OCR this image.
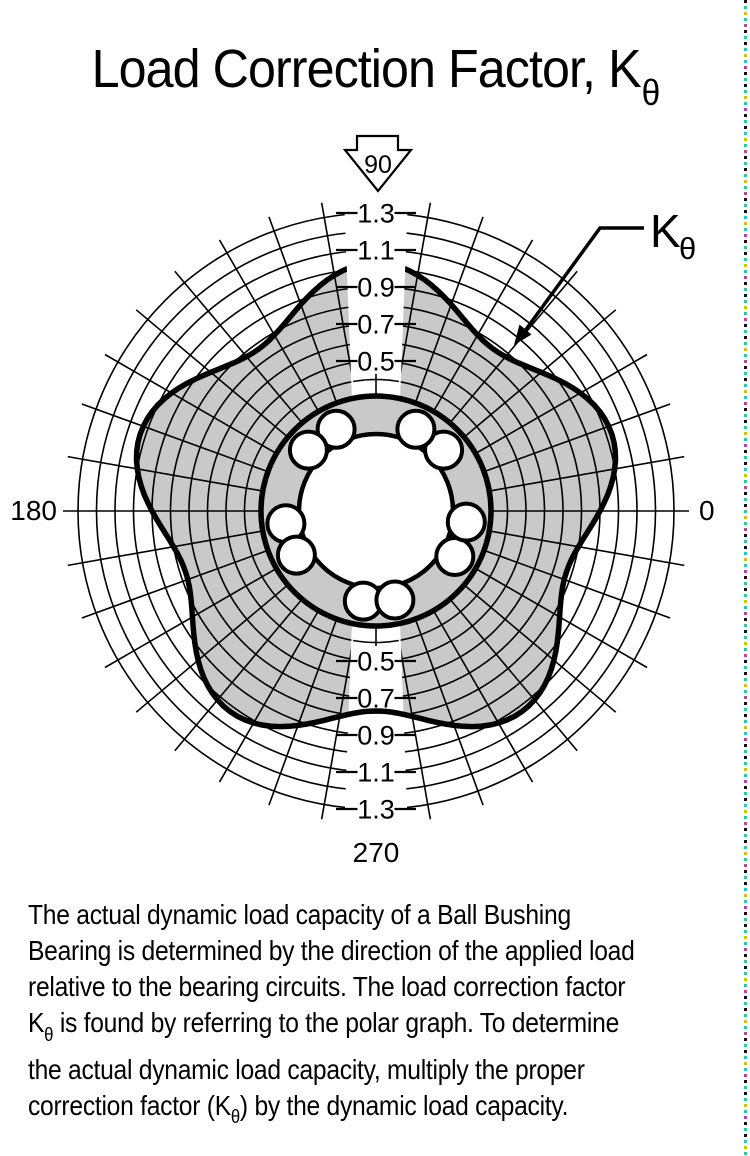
Load Correction Factor, $K_\theta$
0.5
0.5
0.7
0.7
0.9
0.9
1.1
1.1
1.3
1.3
180	0
270
90
K
θ
The actual dynamic load capacity of a Ball Bushing
Bearing is determined by the direction of the applied load
relative to the bearing circuits. The load correction factor
$K_\theta$ is found by referring to the polar graph. To determine
the actual dynamic load capacity, multiply the proper
correction factor $(K_\theta)$ by the dynamic load capacity.
